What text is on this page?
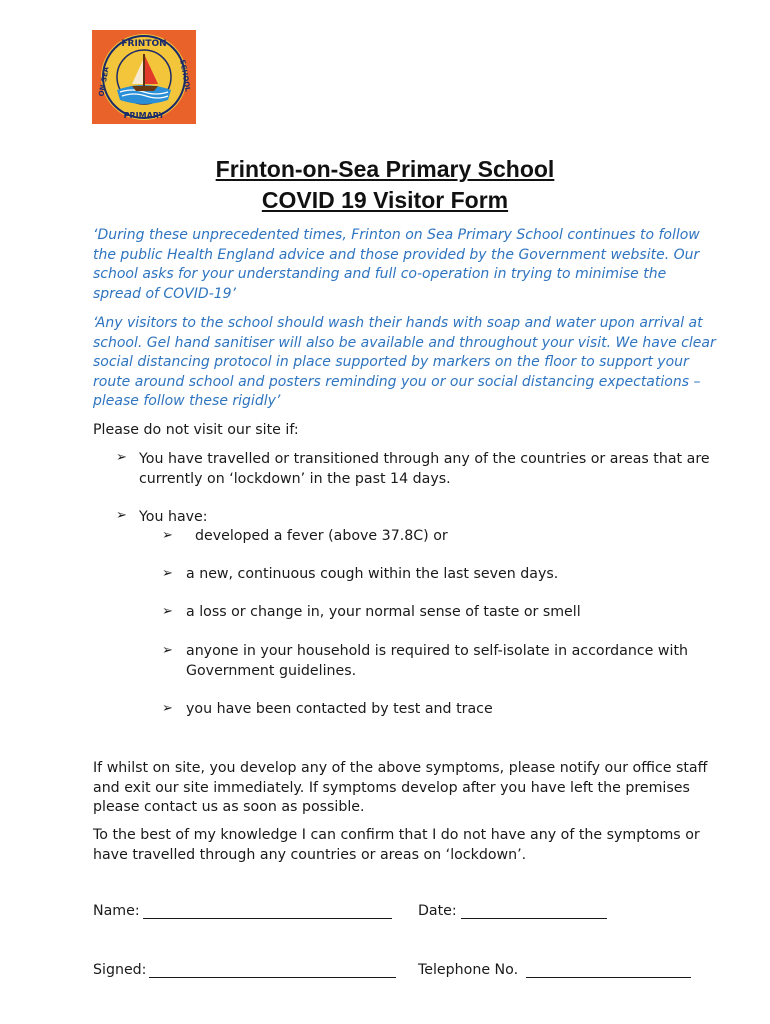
FRINTON
PRIMARY
ON-SEA	SCHOOL
Frinton-on-Sea Primary School
COVID 19 Visitor Form

‘During these unprecedented times, Frinton on Sea Primary School continues to follow the public Health England advice and those provided by the Government website. Our school asks for your understanding and full co-operation in trying to minimise the spread of COVID-19’

‘Any visitors to the school should wash their hands with soap and water upon arrival at school. Gel hand sanitiser will also be available and throughout your visit. We have clear social distancing protocol in place supported by markers on the floor to support your route around school and posters reminding you or our social distancing expectations – please follow these rigidly’

Please do not visit our site if:

➢ You have travelled or transitioned through any of the countries or areas that are currently on ‘lockdown’ in the past 14 days.
➢ You have:
➢ developed a fever (above 37.8C) or
➢ a new, continuous cough within the last seven days.
➢ a loss or change in, your normal sense of taste or smell
➢ anyone in your household is required to self-isolate in accordance with Government guidelines.
➢ you have been contacted by test and trace

If whilst on site, you develop any of the above symptoms, please notify our office staff and exit our site immediately. If symptoms develop after you have left the premises please contact us as soon as possible.

To the best of my knowledge I can confirm that I do not have any of the symptoms or have travelled through any countries or areas on ‘lockdown’.

Name:	Date:
Signed:	Telephone No.
